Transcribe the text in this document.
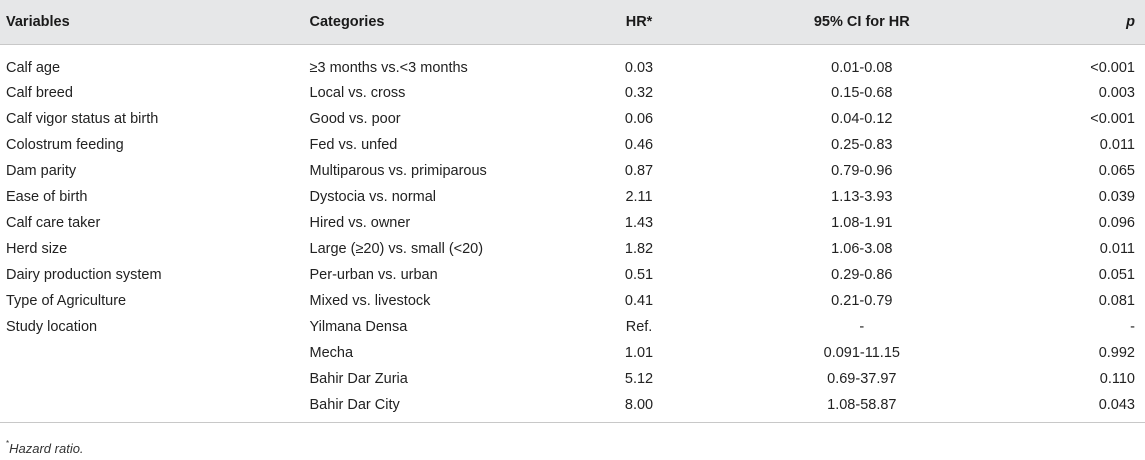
Variables	Categories	HR*	95% CI for HR	p
Calf age	≥3 months vs.<3 months	0.03	0.01-0.08	<0.001
Calf breed	Local vs. cross	0.32	0.15-0.68	0.003
Calf vigor status at birth	Good vs. poor	0.06	0.04-0.12	<0.001
Colostrum feeding	Fed vs. unfed	0.46	0.25-0.83	0.011
Dam parity	Multiparous vs. primiparous	0.87	0.79-0.96	0.065
Ease of birth	Dystocia vs. normal	2.11	1.13-3.93	0.039
Calf care taker	Hired vs. owner	1.43	1.08-1.91	0.096
Herd size	Large (≥20) vs. small (<20)	1.82	1.06-3.08	0.011
Dairy production system	Per-urban vs. urban	0.51	0.29-0.86	0.051
Type of Agriculture	Mixed vs. livestock	0.41	0.21-0.79	0.081
Study location	Yilmana Densa	Ref.	-	-
	Mecha	1.01	0.091-11.15	0.992
	Bahir Dar Zuria	5.12	0.69-37.97	0.110
	Bahir Dar City	8.00	1.08-58.87	0.043
*Hazard ratio.
